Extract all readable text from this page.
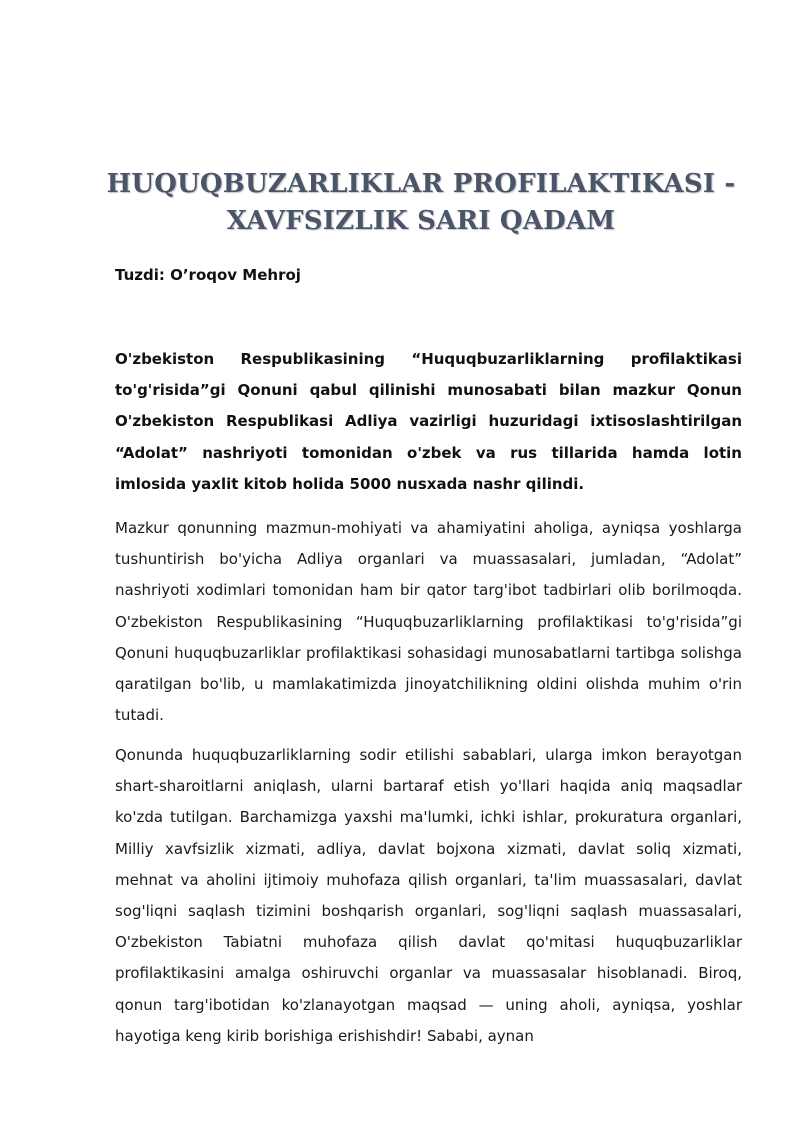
HUQUQBUZARLIKLAR PROFILAKTIKASI - XAVFSIZLIK SARI QADAM

Tuzdi: O’roqov Mehroj

O'zbekiston Respublikasining “Huquqbuzarliklarning profilaktikasi to'g'risida”gi Qonuni qabul qilinishi munosabati bilan mazkur Qonun O'zbekiston Respublikasi Adliya vazirligi huzuridagi ixtisoslashtirilgan “Adolat” nashriyoti tomonidan o'zbek va rus tillarida hamda lotin imlosida yaxlit kitob holida 5000 nusxada nashr qilindi.

Mazkur qonunning mazmun-mohiyati va ahamiyatini aholiga, ayniqsa yoshlarga tushuntirish bo'yicha Adliya organlari va muassasalari, jumladan, “Adolat” nashriyoti xodimlari tomonidan ham bir qator targ'ibot tadbirlari olib borilmoqda. O'zbekiston Respublikasining “Huquqbuzarliklarning profilaktikasi to'g'risida”gi Qonuni huquqbuzarliklar profilaktikasi sohasidagi munosabatlarni tartibga solishga qaratilgan bo'lib, u mamlakatimizda jinoyatchilikning oldini olishda muhim o'rin tutadi.

Qonunda huquqbuzarliklarning sodir etilishi sabablari, ularga imkon berayotgan shart-sharoitlarni aniqlash, ularni bartaraf etish yo'llari haqida aniq maqsadlar ko'zda tutilgan. Barchamizga yaxshi ma'lumki, ichki ishlar, prokuratura organlari, Milliy xavfsizlik xizmati, adliya, davlat bojxona xizmati, davlat soliq xizmati, mehnat va aholini ijtimoiy muhofaza qilish organlari, ta'lim muassasalari, davlat sog'liqni saqlash tizimini boshqarish organlari, sog'liqni saqlash muassasalari, O'zbekiston Tabiatni muhofaza qilish davlat qo'mitasi huquqbuzarliklar profilaktikasini amalga oshiruvchi organlar va muassasalar hisoblanadi. Biroq, qonun targ'ibotidan ko'zlanayotgan maqsad — uning aholi, ayniqsa, yoshlar hayotiga keng kirib borishiga erishishdir! Sababi, aynan
